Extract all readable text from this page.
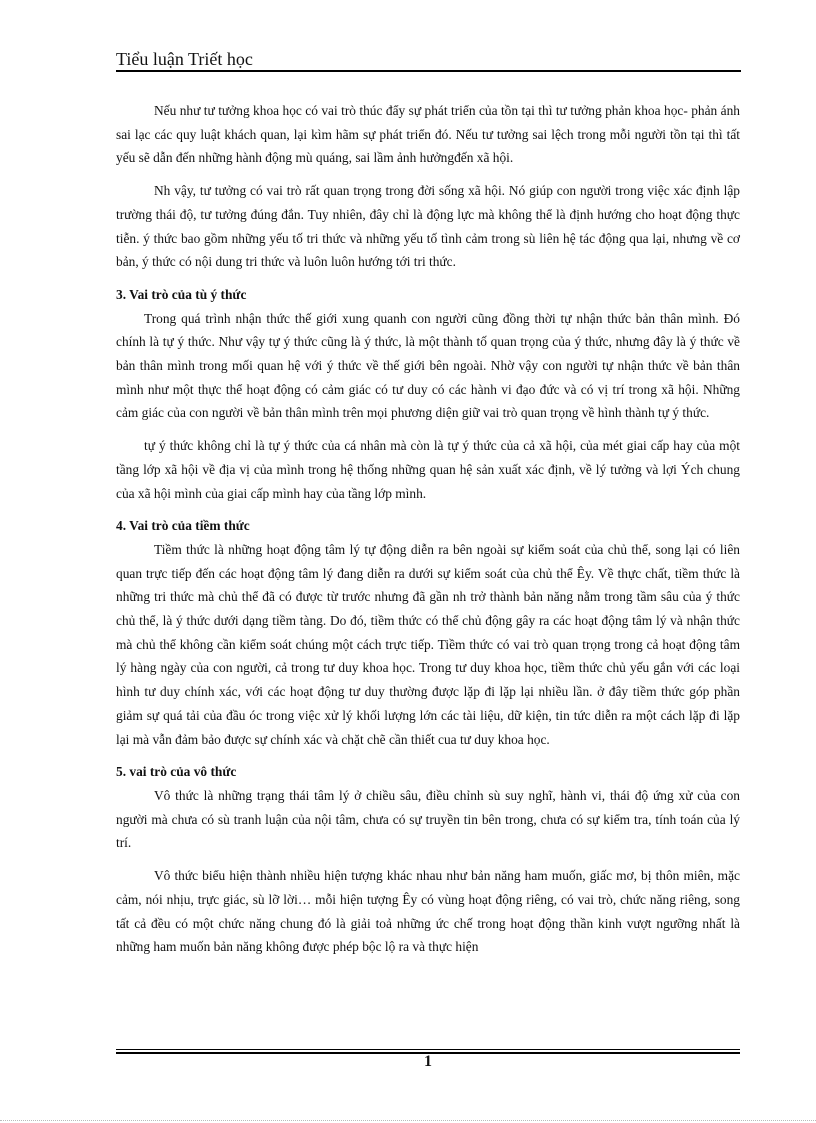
Tiểu luận Triết học

Nếu như tư tưởng khoa học có vai trò thúc đẩy sự phát triển của tồn tại thì tư tưởng phản khoa học- phản ánh sai lạc các quy luật khách quan, lại kìm hãm sự phát triển đó. Nếu tư tưởng sai lệch trong mỗi người tồn tại thì tất yếu sẽ dẫn đến những hành động mù quáng, sai lầm ảnh hưởngđến xã hội.

Nh vậy, tư tưởng có vai trò rất quan trọng trong đời sống xã hội. Nó giúp con người trong việc xác định lập trường thái độ, tư tưởng đúng đắn. Tuy nhiên, đây chỉ là động lực mà không thể là định hướng cho hoạt động thực tiễn. ý thức bao gồm những yếu tố tri thức và những yếu tố tình cảm trong sù liên hệ tác động qua lại, nhưng về cơ bản, ý thức có nội dung tri thức và luôn luôn hướng tới tri thức.

3. Vai trò của tù ý thức

Trong quá trình nhận thức thế giới xung quanh con người cũng đồng thời tự nhận thức bản thân mình. Đó chính là tự ý thức. Như vậy tự ý thức cũng là ý thức, là một thành tố quan trọng của ý thức, nhưng đây là ý thức về bản thân mình trong mối quan hệ với ý thức về thế giới bên ngoài. Nhờ vậy con người tự nhận thức về bản thân mình như một thực thể hoạt động có cảm giác có tư duy có các hành vi đạo đức và có vị trí trong xã hội. Những cảm giác của con người về bản thân mình trên mọi phương diện giữ vai trò quan trọng về hình thành tự ý thức.

tự ý thức không chỉ là tự ý thức của cá nhân mà còn là tự ý thức của cả xã hội, của mét giai cấp hay của một tầng lớp xã hội về địa vị của mình trong hệ thống những quan hệ sản xuất xác định, về lý tưởng và lợi Ých chung của xã hội mình của giai cấp mình hay của tầng lớp mình.

4. Vai trò của tiềm thức

Tiềm thức là những hoạt động tâm lý tự động diễn ra bên ngoài sự kiểm soát của chủ thể, song lại có liên quan trực tiếp đến các hoạt động tâm lý đang diễn ra dưới sự kiểm soát của chủ thể Êy. Về thực chất, tiềm thức là những tri thức mà chủ thể đã có được từ trước nhưng đã gần nh trở thành bản năng nằm trong tầm sâu của ý thức chủ thể, là ý thức dưới dạng tiềm tàng. Do đó, tiềm thức có thể chủ động gây ra các hoạt động tâm lý và nhận thức mà chủ thể không cần kiểm soát chúng một cách trực tiếp. Tiềm thức có vai trò quan trọng trong cả hoạt động tâm lý hàng ngày của con người, cả trong tư duy khoa học. Trong tư duy khoa học, tiềm thức chủ yếu gắn với các loại hình tư duy chính xác, với các hoạt động tư duy thường được lặp đi lặp lại nhiều lần. ở đây tiềm thức góp phần giảm sự quá tải của đầu óc trong việc xử lý khối lượng lớn các tài liệu, dữ kiện, tin tức diễn ra một cách lặp đi lặp lại mà vẫn đảm bảo được sự chính xác và chặt chẽ cần thiết cua tư duy khoa học.

5. vai trò của vô thức

Vô thức là những trạng thái tâm lý ở chiều sâu, điều chỉnh sù suy nghĩ, hành vi, thái độ ứng xử của con người mà chưa có sù tranh luận của nội tâm, chưa có sự truyền tin bên trong, chưa có sự kiểm tra, tính toán của lý trí.

Vô thức biểu hiện thành nhiều hiện tượng khác nhau như bản năng ham muốn, giấc mơ, bị thôn miên, mặc cảm, nói nhịu, trực giác, sù lỡ lời… mỗi hiện tượng Êy có vùng hoạt động riêng, có vai trò, chức năng riêng, song tất cả đều có một chức năng chung đó là giải toả những ức chế trong hoạt động thần kinh vượt ngưỡng nhất là những ham muốn bản năng không được phép bộc lộ ra và thực hiện

1
